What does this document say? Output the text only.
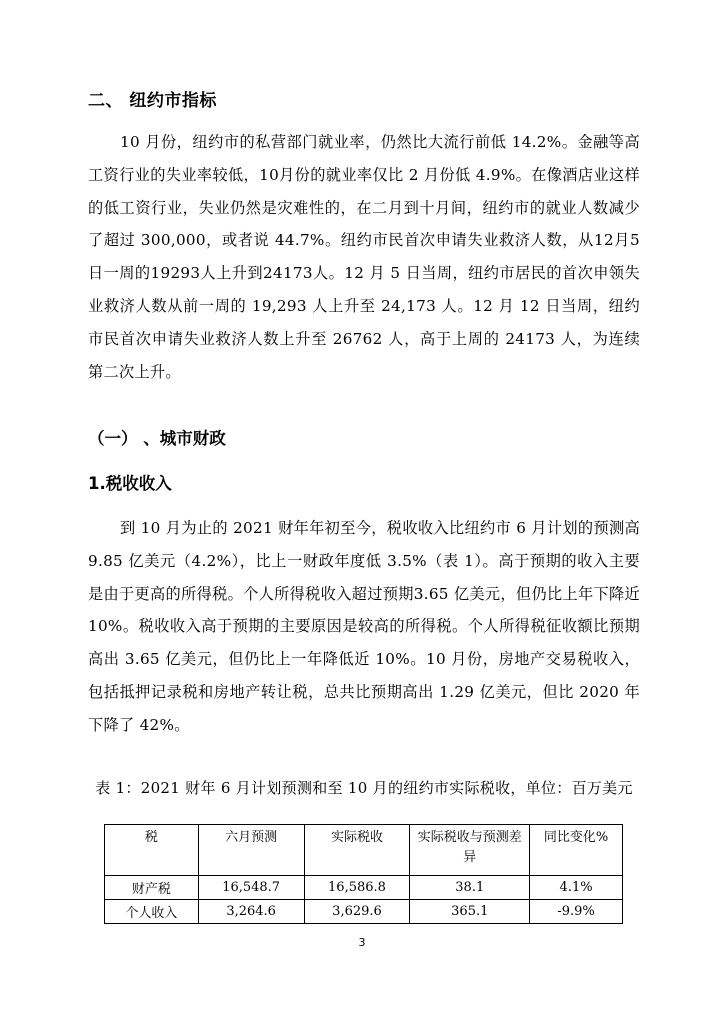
二、 纽约市指标

10 月份，纽约市的私营部门就业率，仍然比大流行前低 14.2%。金融等高工资行业的失业率较低，10月份的就业率仅比 2 月份低 4.9%。在像酒店业这样的低工资行业，失业仍然是灾难性的，在二月到十月间，纽约市的就业人数减少了超过 300,000，或者说 44.7%。纽约市民首次申请失业救济人数，从12月5日一周的19293人上升到24173人。12 月 5 日当周，纽约市居民的首次申领失业救济人数从前一周的 19,293 人上升至 24,173 人。12 月 12 日当周，纽约市民首次申请失业救济人数上升至 26762 人，高于上周的 24173 人，为连续第二次上升。

（一） 、城市财政
1.税收收入

到 10 月为止的 2021 财年年初至今，税收收入比纽约市 6 月计划的预测高 9.85 亿美元（4.2%），比上一财政年度低 3.5%（表 1）。高于预期的收入主要是由于更高的所得税。个人所得税收入超过预期3.65 亿美元，但仍比上年下降近 10%。税收收入高于预期的主要原因是较高的所得税。个人所得税征收额比预期高出 3.65 亿美元，但仍比上一年降低近 10%。10 月份，房地产交易税收入，包括抵押记录税和房地产转让税，总共比预期高出 1.29 亿美元，但比 2020 年下降了 42%。

表 1：2021 财年 6 月计划预测和至 10 月的纽约市实际税收，单位：百万美元
税	六月预测	实际税收	实际税收与预测差异	同比变化%
财产税	16,548.7	16,586.8	38.1	4.1%
个人收入	3,264.6	3,629.6	365.1	-9.9%
3
